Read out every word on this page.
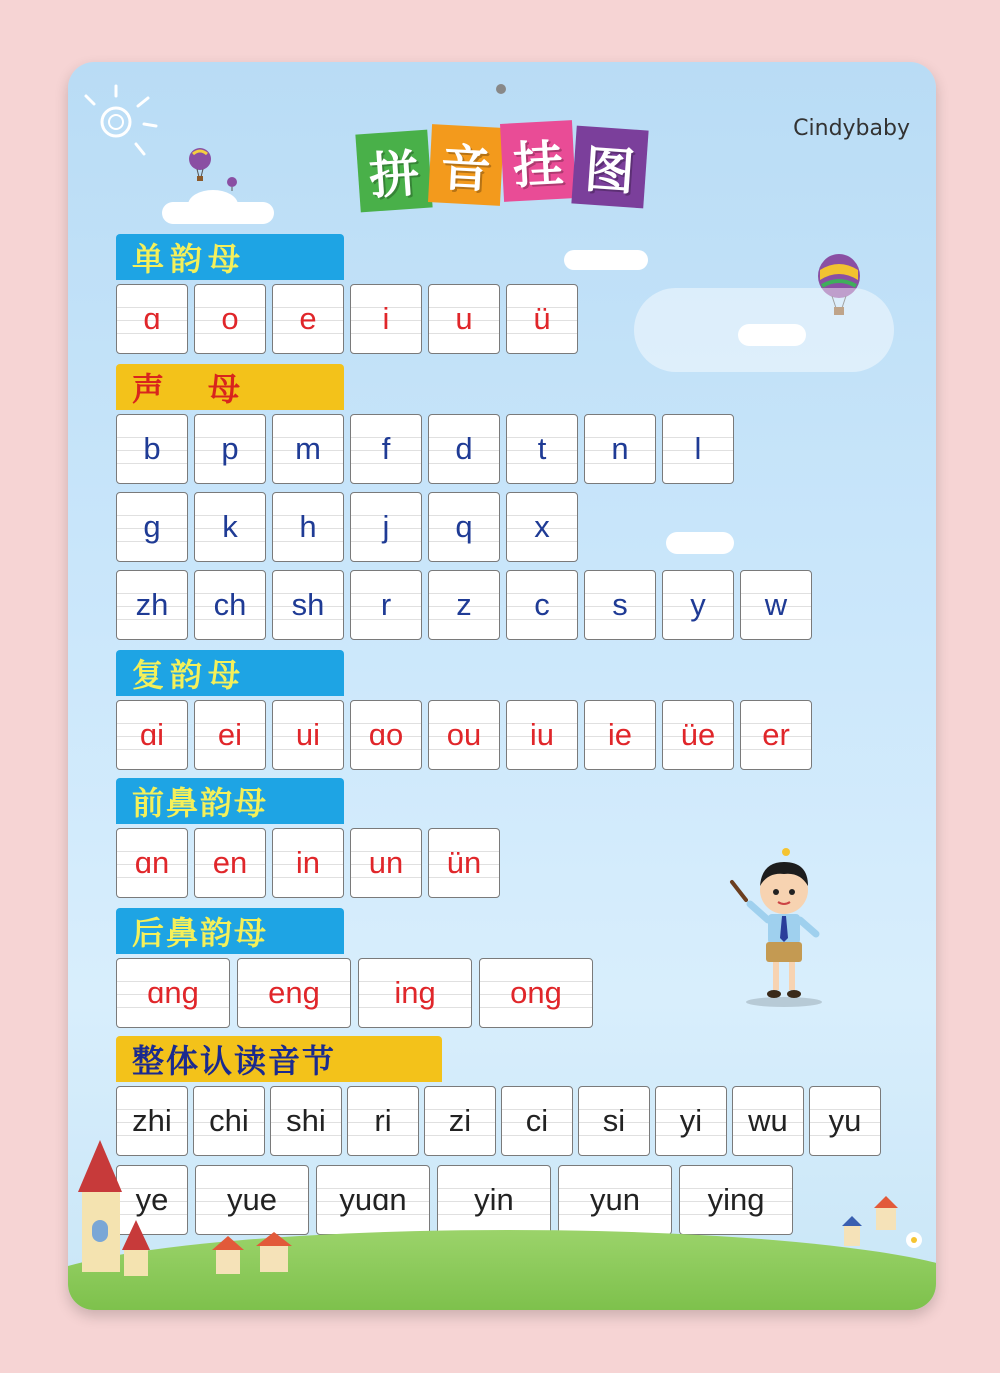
拼 音 挂 图
Cindybaby
单韵母
声　母
复韵母
前鼻韵母
后鼻韵母
整体认读音节
ɑ	o	e	i	u	ü
b	p	m	f	d	t	n	l
g	k	h	j	q	x
zh	ch	sh	r	z	c	s	y	w
ɑi	ei	ui	ɑo	ou	iu	ie	üe	er
ɑn	en	in	un	ün
ɑng	eng	ing	ong
zhi	chi	shi	ri	zi	ci	si	yi	wu	yu
ye	yue	yuɑn	yin	yun	ying
